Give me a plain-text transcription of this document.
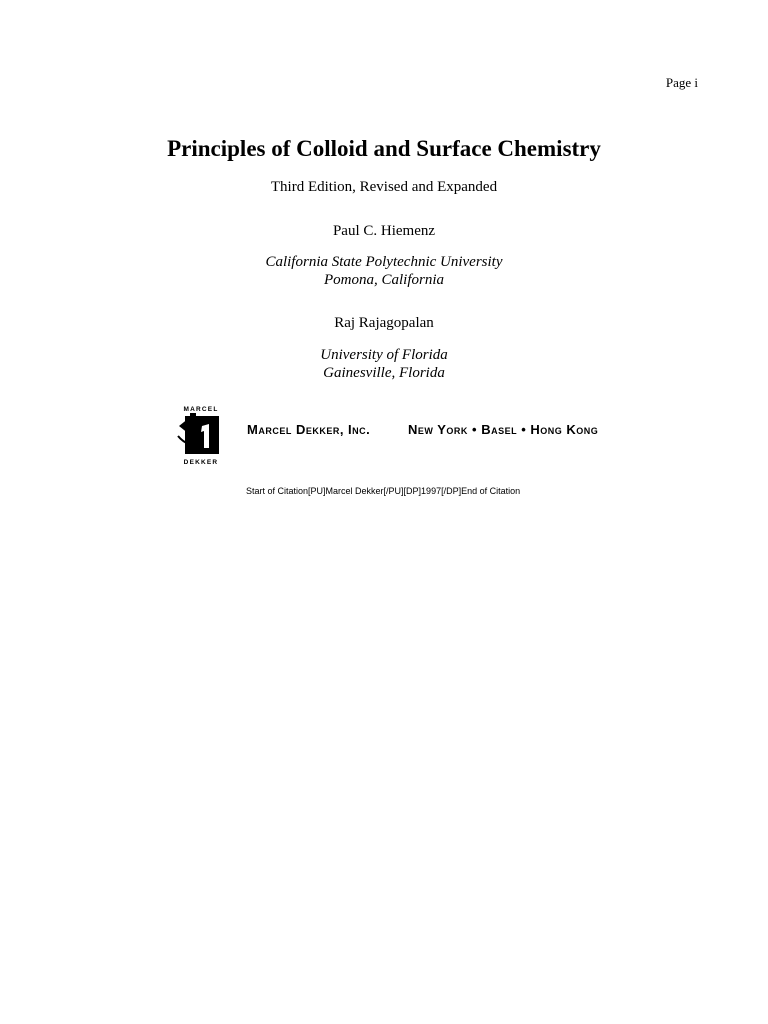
Page i
Principles of Colloid and Surface Chemistry
Third Edition, Revised and Expanded
Paul C. Hiemenz
California State Polytechnic University
Pomona, California
Raj Rajagopalan
University of Florida
Gainesville, Florida
MARCEL
DEKKER
Marcel Dekker, Inc.	New York • Basel • Hong Kong
Start of Citation[PU]Marcel Dekker[/PU][DP]1997[/DP]End of Citation
